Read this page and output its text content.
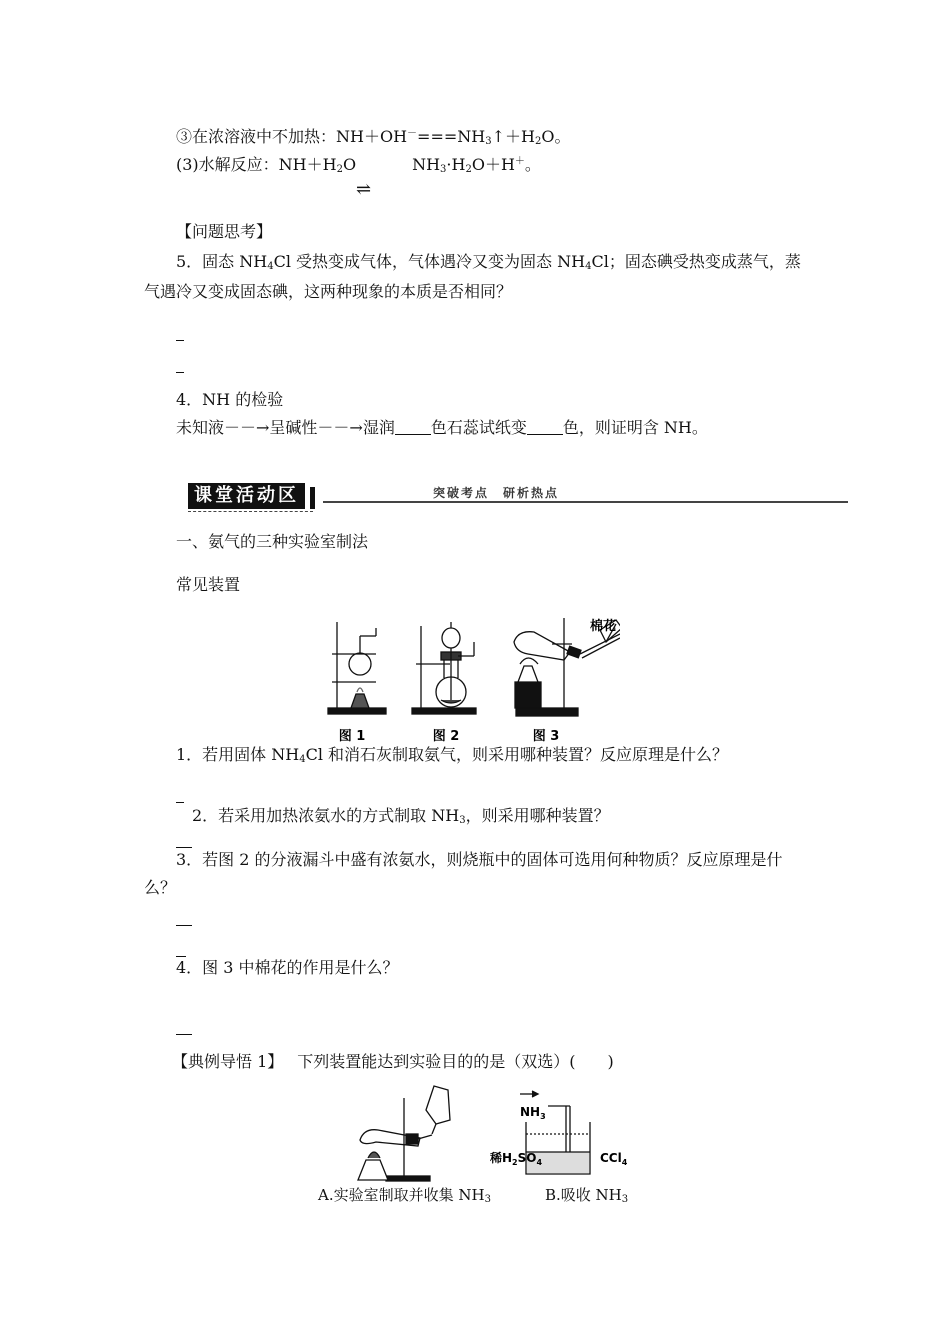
③在浓溶液中不加热：NH＋OH－===NH3↑＋H2O。
(3)水解反应：NH＋H2O	NH3·H2O＋H＋。
⇌
【问题思考】
5．固态 NH4Cl 受热变成气体，气体遇冷又变为固态 NH4Cl；固态碘受热变成蒸气，蒸
气遇冷又变成固态碘，这两种现象的本质是否相同？
4．NH 的检验
未知液－－→呈碱性－－→湿润 色石蕊试纸变 色，则证明含 NH。
课堂活动区	突破考点　研析热点
一、氨气的三种实验室制法
常见装置
棉花
图 1	图 2	图 3
1．若用固体 NH4Cl 和消石灰制取氨气，则采用哪种装置？反应原理是什么？
2．若采用加热浓氨水的方式制取 NH3，则采用哪种装置？
3．若图 2 的分液漏斗中盛有浓氨水，则烧瓶中的固体可选用何种物质？反应原理是什
么？
4．图 3 中棉花的作用是什么？
【典例导悟 1】 下列装置能达到实验目的的是（双选）(　　)
A.实验室制取并收集 NH3
$NH_3$
稀$H_2SO_4$	CCl$_4$
B.吸收 NH3
